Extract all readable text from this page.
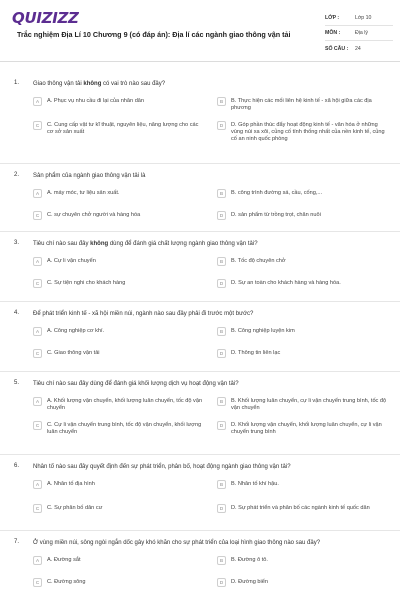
QUIZIZZ
Trắc nghiệm Địa Lí 10 Chương 9 (có đáp án): Địa lí các ngành giao thông vận tải
LỚP :	Lớp 10
MÔN :	Địa lý
SỐ CÂU :	24
1. Giao thông vận tải không có vai trò nào sau đây?
A	A. Phục vụ nhu cầu đi lại của nhân dân	B	B. Thực hiện các mối liên hệ kinh tế - xã hội giữa các địa phương
C	C. Cung cấp vật tư kĩ thuật, nguyên liệu, năng lượng cho các cơ sở sản xuất
D	D. Góp phần thúc đẩy hoạt động kinh tế - văn hóa ở những vùng núi xa xôi, củng cố tính thống nhất của nền kinh tế, củng cố an ninh quốc phòng
2. Sản phẩm của ngành giao thông vận tải là
A	A. máy móc, tư liệu sản xuất.	B	B. công trình đường sá, cầu, cống,...
C	C. sự chuyên chở người và hàng hóa	D	D. sản phẩm từ trồng trọt, chăn nuôi
3. Tiêu chí nào sau đây không dùng để đánh giá chất lượng ngành giao thông vận tải?
A	A. Cự li vận chuyển	B	B. Tốc độ chuyên chở
C	C. Sự tiện nghi cho khách hàng	D	D. Sự an toàn cho khách hàng và hàng hóa.
4. Để phát triển kinh tế - xã hội miền núi, ngành nào sau đây phải đi trước một bước?
A	A. Công nghiệp cơ khí.	B	B. Công nghiệp luyện kim
C	C. Giao thông vận tải	D	D. Thông tin liên lạc
5. Tiêu chí nào sau đây dùng để đánh giá khối lượng dịch vụ hoạt động vận tải?
A	A. Khối lượng vận chuyển, khối lượng luân chuyển, tốc độ vận chuyển
B	B. Khối lượng luân chuyển, cự li vận chuyển trung bình, tốc độ vận chuyển
C	C. Cự li vận chuyển trung bình, tốc độ vận chuyển, khối lượng luân chuyển
D	D. Khối lượng vận chuyển, khối lượng luân chuyển, cự li vận chuyển trung bình
6. Nhân tố nào sau đây quyết định đến sự phát triển, phân bố, hoạt động ngành giao thông vận tải?
A	A. Nhân tố địa hình	B	B. Nhân tố khí hậu.
C	C. Sự phân bố dân cư	D	D. Sự phát triển và phân bố các ngành kinh tế quốc dân
7. Ở vùng miền núi, sông ngòi ngắn dốc gây khó khăn cho sự phát triển của loại hình giao thông nào sau đây?
A	A. Đường sắt	B	B. Đường ô tô.
C	C. Đường sông	D	D. Đường biển
